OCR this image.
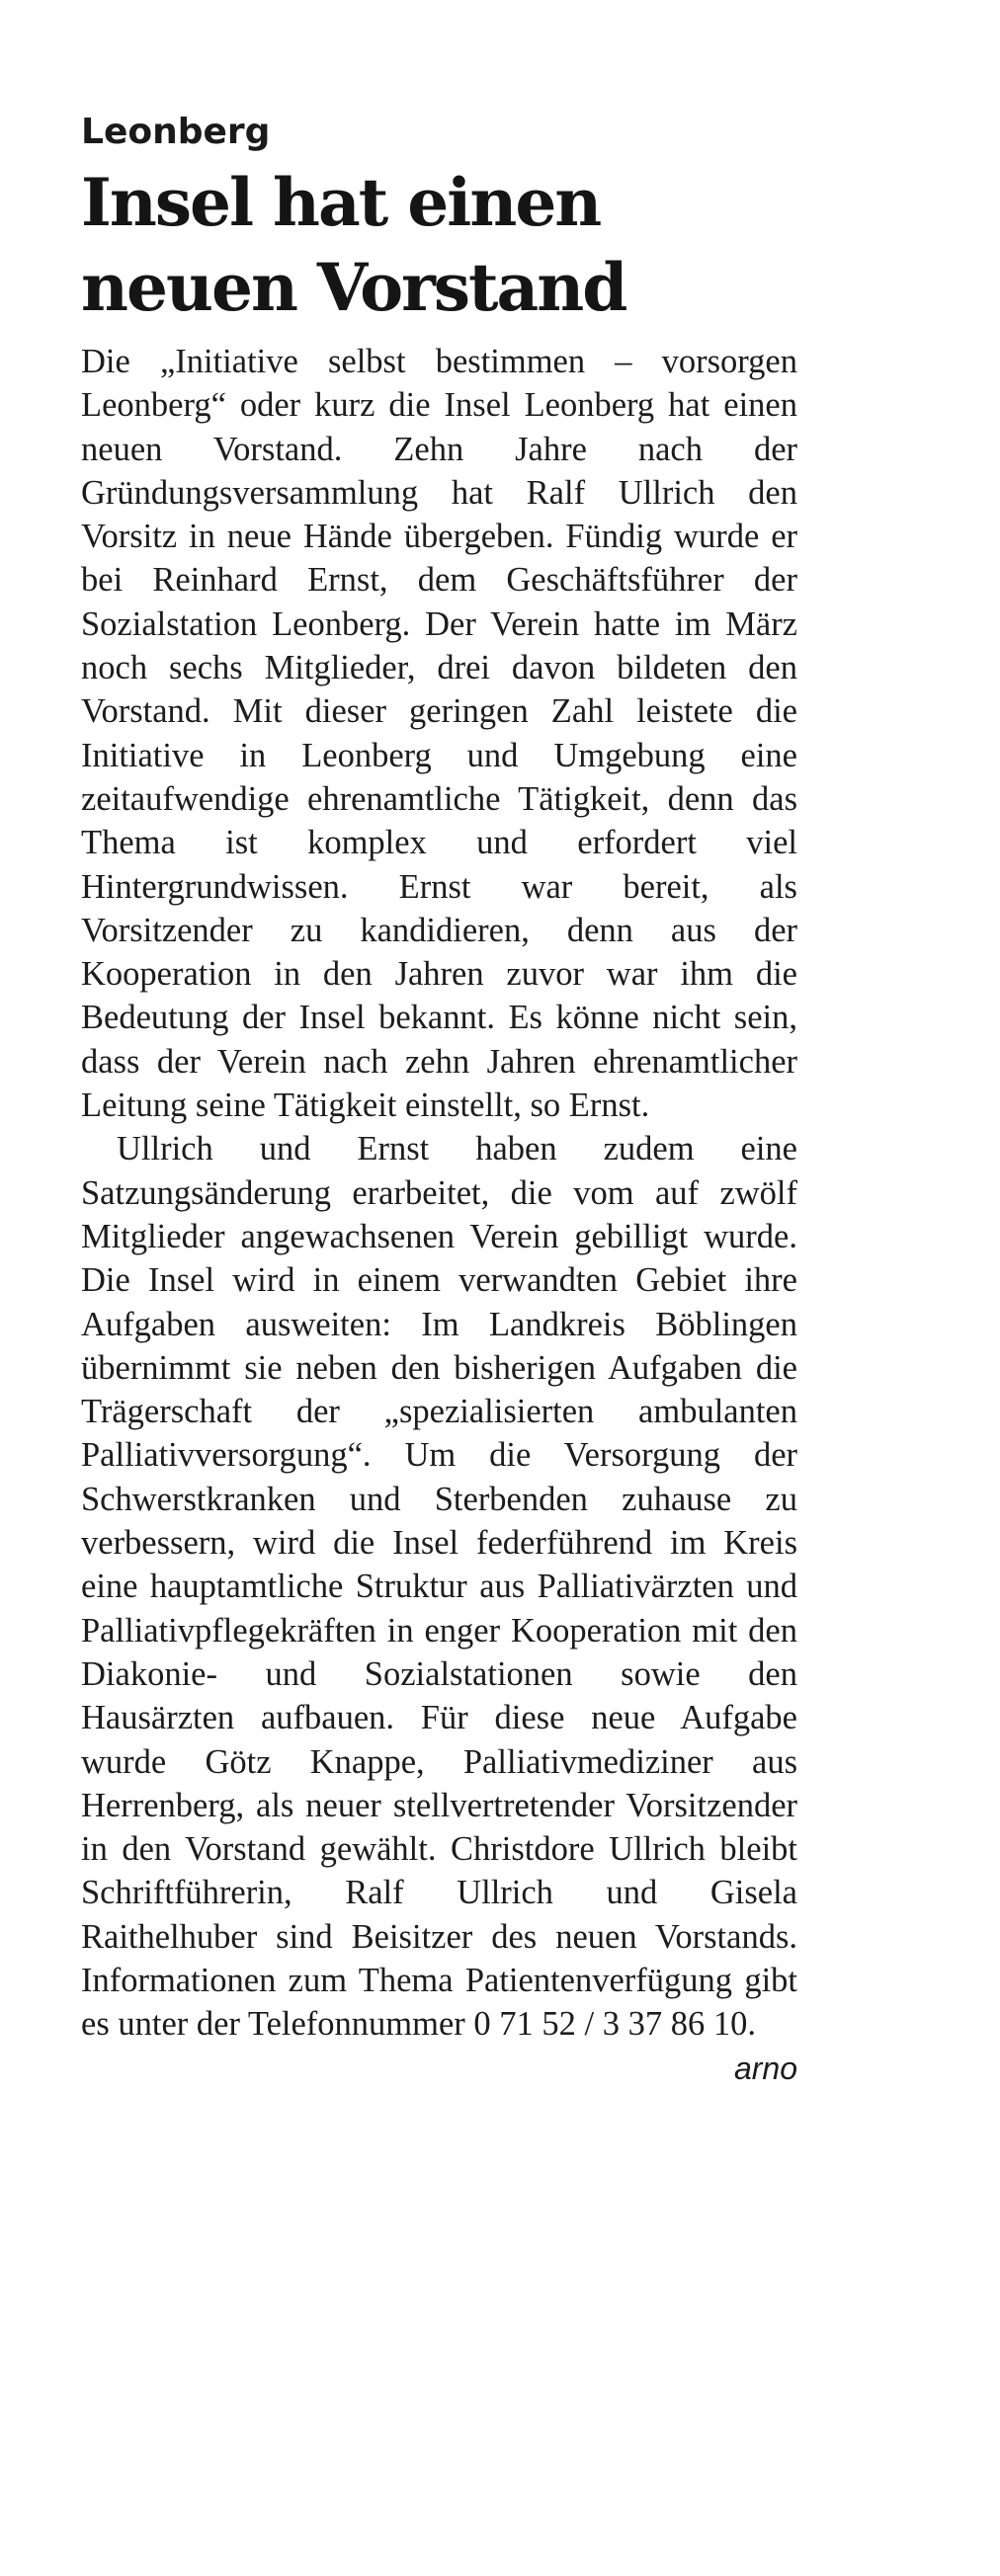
Leonberg
Insel hat einen
neuen Vorstand

Die „Initiative selbst bestimmen – vorsorgen Leonberg“ oder kurz die Insel Leonberg hat einen neuen Vorstand. Zehn Jahre nach der Gründungsversammlung hat Ralf Ullrich den Vorsitz in neue Hände übergeben. Fündig wurde er bei Reinhard Ernst, dem Geschäftsführer der Sozialstation Leonberg. Der Verein hatte im März noch sechs Mitglieder, drei davon bildeten den Vorstand. Mit dieser geringen Zahl leistete die Initiative in Leonberg und Umgebung eine zeitaufwendige ehrenamtliche Tätigkeit, denn das Thema ist komplex und erfordert viel Hintergrundwissen. Ernst war bereit, als Vorsitzender zu kandidieren, denn aus der Kooperation in den Jahren zuvor war ihm die Bedeutung der Insel bekannt. Es könne nicht sein, dass der Verein nach zehn Jahren ehrenamtlicher Leitung seine Tätigkeit einstellt, so Ernst.

Ullrich und Ernst haben zudem eine Satzungsänderung erarbeitet, die vom auf zwölf Mitglieder angewachsenen Verein gebilligt wurde. Die Insel wird in einem verwandten Gebiet ihre Aufgaben ausweiten: Im Landkreis Böblingen übernimmt sie neben den bisherigen Aufgaben die Trägerschaft der „spezialisierten ambulanten Palliativversorgung“. Um die Versorgung der Schwerstkranken und Sterbenden zuhause zu verbessern, wird die Insel federführend im Kreis eine hauptamtliche Struktur aus Palliativärzten und Palliativpflegekräften in enger Kooperation mit den Diakonie- und Sozialstationen sowie den Hausärzten aufbauen. Für diese neue Aufgabe wurde Götz Knappe, Palliativmediziner aus Herrenberg, als neuer stellvertretender Vorsitzender in den Vorstand gewählt. Christdore Ullrich bleibt Schriftführerin, Ralf Ullrich und Gisela Raithelhuber sind Beisitzer des neuen Vorstands. Informationen zum Thema Patientenverfügung gibt es unter der Telefonnummer 0 71 52 / 3 37 86 10.
arno
